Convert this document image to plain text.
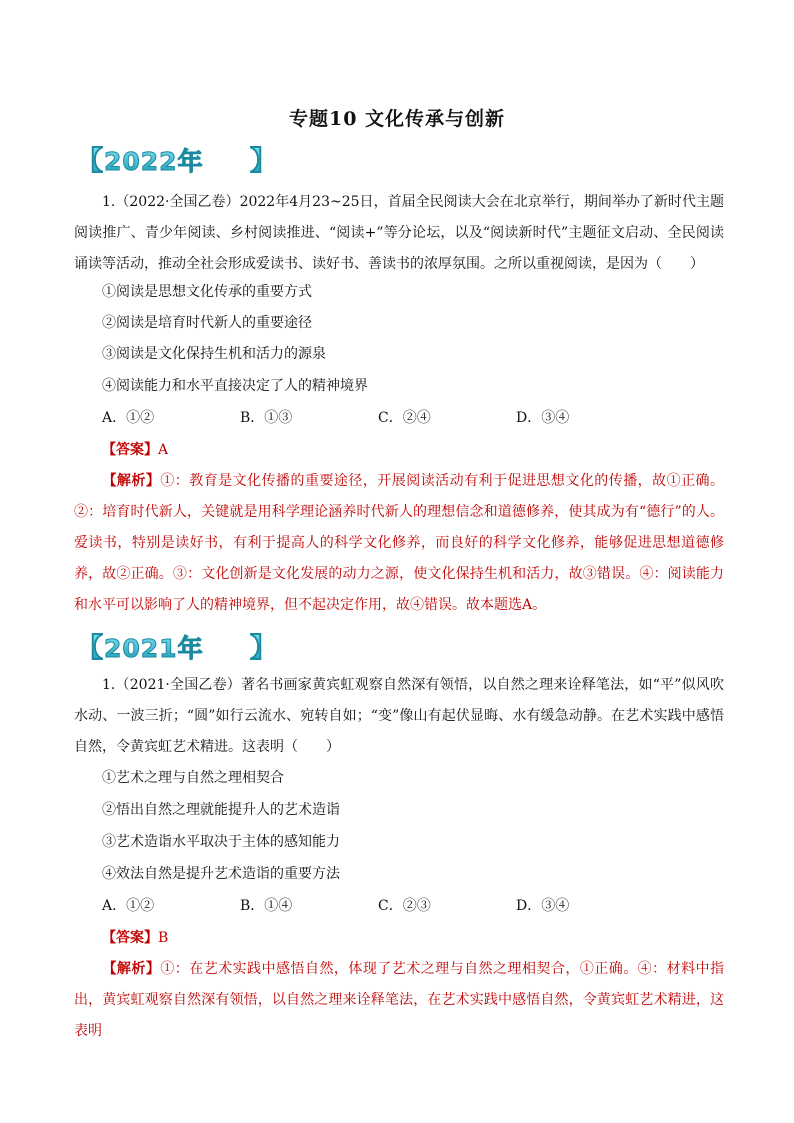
专题10 文化传承与创新
【	】
2022年
1.（2022·全国乙卷）2022年4月23~25日，首届全民阅读大会在北京举行，期间举办了新时代主题阅读推广、青少年阅读、乡村阅读推进、“阅读+”等分论坛，以及“阅读新时代”主题征文启动、全民阅读诵读等活动，推动全社会形成爱读书、读好书、善读书的浓厚氛围。之所以重视阅读，是因为（　　）
①阅读是思想文化传承的重要方式
②阅读是培育时代新人的重要途径
③阅读是文化保持生机和活力的源泉
④阅读能力和水平直接决定了人的精神境界
A．①②	B．①③	C．②④	D．③④
【答案】A
【解析】①：教育是文化传播的重要途径，开展阅读活动有利于促进思想文化的传播，故①正确。②：培育时代新人，关键就是用科学理论涵养时代新人的理想信念和道德修养，使其成为有“德行”的人。爱读书，特别是读好书，有利于提高人的科学文化修养，而良好的科学文化修养，能够促进思想道德修养，故②正确。③：文化创新是文化发展的动力之源，使文化保持生机和活力，故③错误。④：阅读能力和水平可以影响了人的精神境界，但不起决定作用，故④错误。故本题选A。
【	】
2021年
1.（2021·全国乙卷）著名书画家黄宾虹观察自然深有领悟，以自然之理来诠释笔法，如“平”似风吹水动、一波三折；“圆”如行云流水、宛转自如；“变”像山有起伏显晦、水有缓急动静。在艺术实践中感悟自然，令黄宾虹艺术精进。这表明（　　）
①艺术之理与自然之理相契合
②悟出自然之理就能提升人的艺术造诣
③艺术造诣水平取决于主体的感知能力
④效法自然是提升艺术造诣的重要方法
A．①②	B．①④	C．②③	D．③④
【答案】B
【解析】①：在艺术实践中感悟自然，体现了艺术之理与自然之理相契合，①正确。④：材料中指出，黄宾虹观察自然深有领悟，以自然之理来诠释笔法，在艺术实践中感悟自然，令黄宾虹艺术精进，这表明
